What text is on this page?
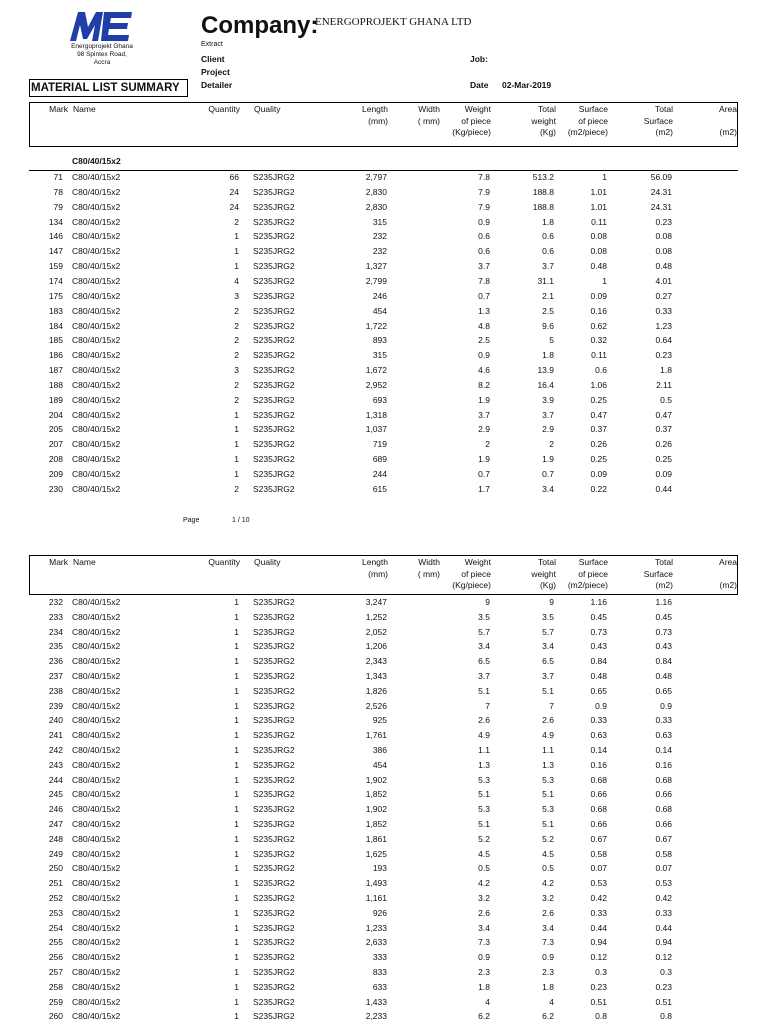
Energoprojekt Ghana
98 Spintex Road,
Accra
Company:
ENERGOPROJEKT GHANA LTD
Extract
Client
Project
Detailer
Job:
Date 02-Mar-2019
MATERIAL LIST SUMMARY
Mark Name	Quantity Quality	Length
(mm)
Width
( mm)
Weight
of piece
(Kg/piece)
Total
weight
(Kg)
Surface
of piece
(m2/piece)
Total
Surface
(m2)
Area

(m2)
C80/40/15x2
71 C80/40/15x2	66 S235JRG2	2,797	7.8	513.2	1	56.09
78 C80/40/15x2	24 S235JRG2	2,830	7.9	188.8	1.01	24.31
79 C80/40/15x2	24 S235JRG2	2,830	7.9	188.8	1.01	24.31
134 C80/40/15x2	2 S235JRG2	315	0.9	1.8	0.11	0.23
146 C80/40/15x2	1 S235JRG2	232	0.6	0.6	0.08	0.08
147 C80/40/15x2	1 S235JRG2	232	0.6	0.6	0.08	0.08
159 C80/40/15x2	1 S235JRG2	1,327	3.7	3.7	0.48	0.48
174 C80/40/15x2	4 S235JRG2	2,799	7.8	31.1	1	4.01
175 C80/40/15x2	3 S235JRG2	246	0.7	2.1	0.09	0.27
183 C80/40/15x2	2 S235JRG2	454	1.3	2.5	0.16	0.33
184 C80/40/15x2	2 S235JRG2	1,722	4.8	9.6	0.62	1.23
185 C80/40/15x2	2 S235JRG2	893	2.5	5	0.32	0.64
186 C80/40/15x2	2 S235JRG2	315	0.9	1.8	0.11	0.23
187 C80/40/15x2	3 S235JRG2	1,672	4.6	13.9	0.6	1.8
188 C80/40/15x2	2 S235JRG2	2,952	8.2	16.4	1.06	2.11
189 C80/40/15x2	2 S235JRG2	693	1.9	3.9	0.25	0.5
204 C80/40/15x2	1 S235JRG2	1,318	3.7	3.7	0.47	0.47
205 C80/40/15x2	1 S235JRG2	1,037	2.9	2.9	0.37	0.37
207 C80/40/15x2	1 S235JRG2	719	2	2	0.26	0.26
208 C80/40/15x2	1 S235JRG2	689	1.9	1.9	0.25	0.25
209 C80/40/15x2	1 S235JRG2	244	0.7	0.7	0.09	0.09
230 C80/40/15x2	2 S235JRG2	615	1.7	3.4	0.22	0.44
Page	1 / 10
Mark Name	Quantity Quality	Length
(mm)
Width
( mm)
Weight
of piece
(Kg/piece)
Total
weight
(Kg)
Surface
of piece
(m2/piece)
Total
Surface
(m2)
Area

(m2)
232 C80/40/15x2	1 S235JRG2	3,247	9	9	1.16	1.16
233 C80/40/15x2	1 S235JRG2	1,252	3.5	3.5	0.45	0.45
234 C80/40/15x2	1 S235JRG2	2,052	5.7	5.7	0.73	0.73
235 C80/40/15x2	1 S235JRG2	1,206	3.4	3.4	0.43	0.43
236 C80/40/15x2	1 S235JRG2	2,343	6.5	6.5	0.84	0.84
237 C80/40/15x2	1 S235JRG2	1,343	3.7	3.7	0.48	0.48
238 C80/40/15x2	1 S235JRG2	1,826	5.1	5.1	0.65	0.65
239 C80/40/15x2	1 S235JRG2	2,526	7	7	0.9	0.9
240 C80/40/15x2	1 S235JRG2	925	2.6	2.6	0.33	0.33
241 C80/40/15x2	1 S235JRG2	1,761	4.9	4.9	0.63	0.63
242 C80/40/15x2	1 S235JRG2	386	1.1	1.1	0.14	0.14
243 C80/40/15x2	1 S235JRG2	454	1.3	1.3	0.16	0.16
244 C80/40/15x2	1 S235JRG2	1,902	5.3	5.3	0.68	0.68
245 C80/40/15x2	1 S235JRG2	1,852	5.1	5.1	0.66	0.66
246 C80/40/15x2	1 S235JRG2	1,902	5.3	5.3	0.68	0.68
247 C80/40/15x2	1 S235JRG2	1,852	5.1	5.1	0.66	0.66
248 C80/40/15x2	1 S235JRG2	1,861	5.2	5.2	0.67	0.67
249 C80/40/15x2	1 S235JRG2	1,625	4.5	4.5	0.58	0.58
250 C80/40/15x2	1 S235JRG2	193	0.5	0.5	0.07	0.07
251 C80/40/15x2	1 S235JRG2	1,493	4.2	4.2	0.53	0.53
252 C80/40/15x2	1 S235JRG2	1,161	3.2	3.2	0.42	0.42
253 C80/40/15x2	1 S235JRG2	926	2.6	2.6	0.33	0.33
254 C80/40/15x2	1 S235JRG2	1,233	3.4	3.4	0.44	0.44
255 C80/40/15x2	1 S235JRG2	2,633	7.3	7.3	0.94	0.94
256 C80/40/15x2	1 S235JRG2	333	0.9	0.9	0.12	0.12
257 C80/40/15x2	1 S235JRG2	833	2.3	2.3	0.3	0.3
258 C80/40/15x2	1 S235JRG2	633	1.8	1.8	0.23	0.23
259 C80/40/15x2	1 S235JRG2	1,433	4	4	0.51	0.51
260 C80/40/15x2	1 S235JRG2	2,233	6.2	6.2	0.8	0.8
